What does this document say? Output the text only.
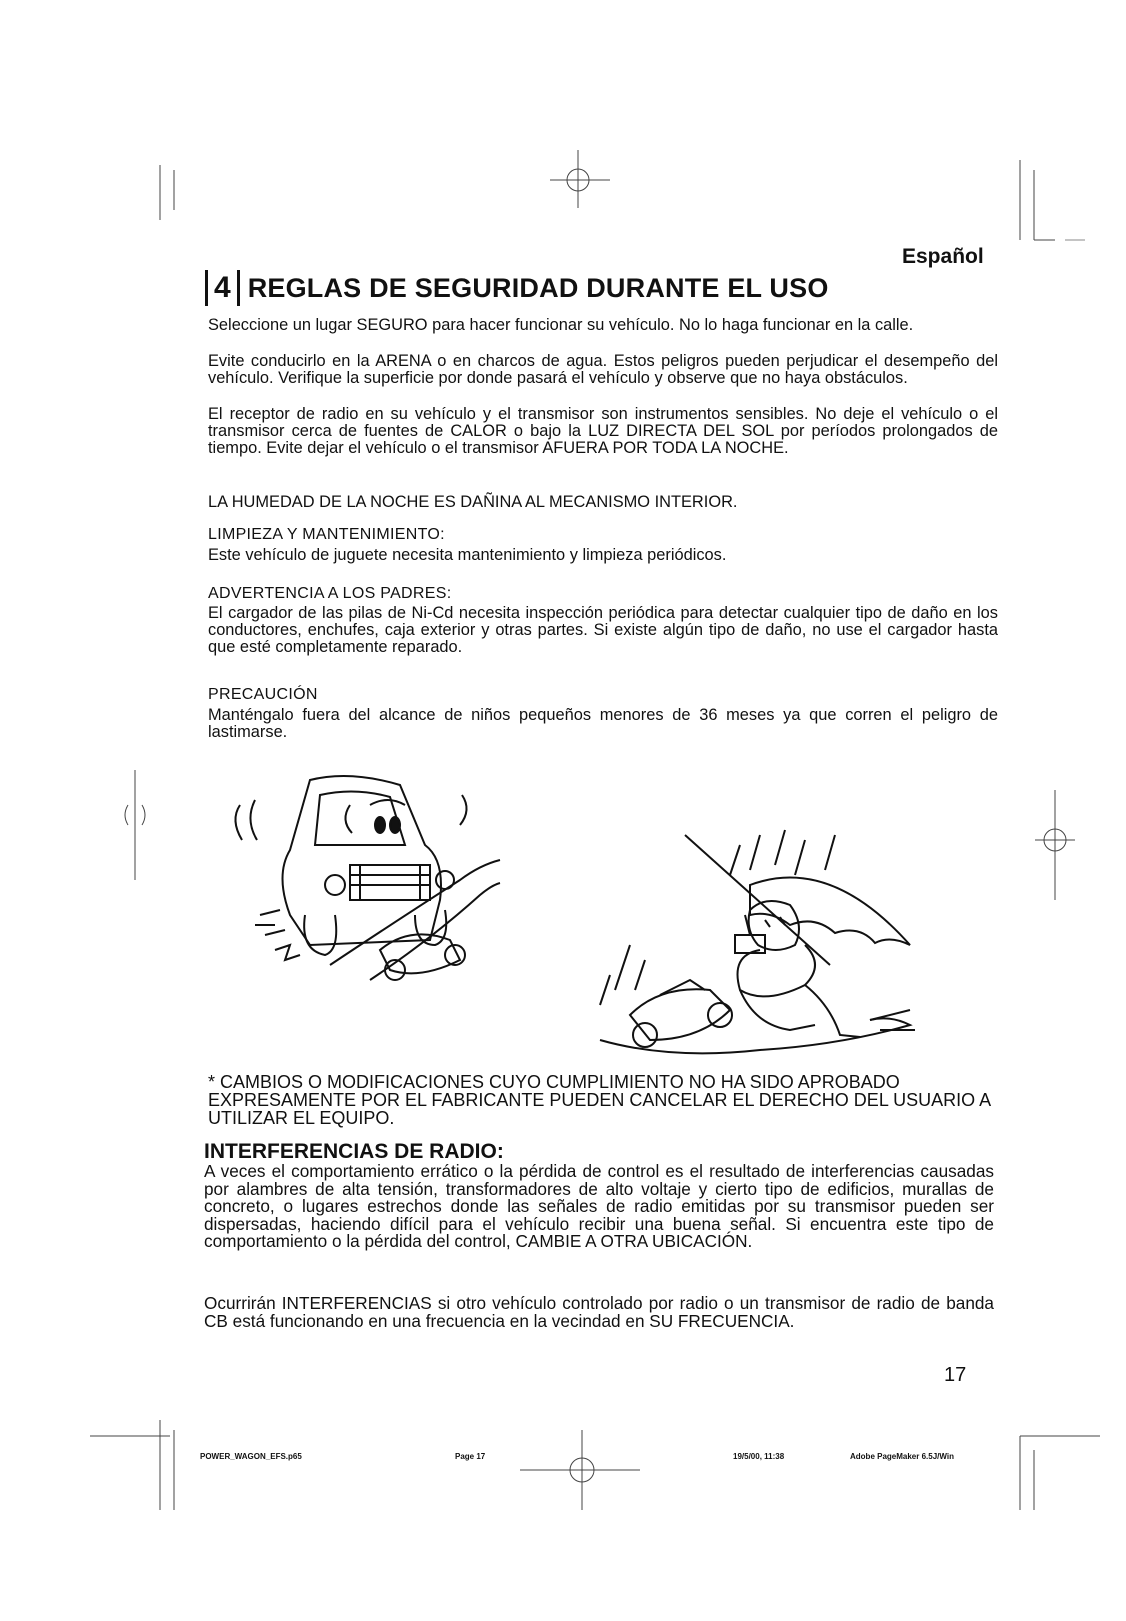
Español
4 REGLAS DE SEGURIDAD DURANTE EL USO
Seleccione un lugar SEGURO para hacer funcionar su vehículo. No lo haga funcionar en la calle.
Evite conducirlo en la ARENA o en charcos de agua. Estos peligros pueden perjudicar el desempeño del vehículo. Verifique la superficie por donde pasará el vehículo y observe que no haya obstáculos.
El receptor de radio en su vehículo y el transmisor son instrumentos sensibles. No deje el vehículo o el transmisor cerca de fuentes de CALOR o bajo la LUZ DIRECTA DEL SOL por períodos prolongados de tiempo. Evite dejar el vehículo o el transmisor AFUERA POR TODA LA NOCHE.
LA HUMEDAD DE LA NOCHE ES DAÑINA AL MECANISMO INTERIOR.
LIMPIEZA Y MANTENIMIENTO:
Este vehículo de juguete necesita mantenimiento y limpieza periódicos.
ADVERTENCIA A LOS PADRES:
El cargador de las pilas de Ni-Cd necesita inspección periódica para detectar cualquier tipo de daño en los conductores, enchufes, caja exterior y otras partes. Si existe algún tipo de daño, no use el cargador hasta que esté completamente reparado.
PRECAUCIÓN
Manténgalo fuera del alcance de niños pequeños menores de 36 meses ya que corren el peligro de lastimarse.
* CAMBIOS O MODIFICACIONES CUYO CUMPLIMIENTO NO HA SIDO APROBADO EXPRESAMENTE POR EL FABRICANTE PUEDEN CANCELAR EL DERECHO DEL USUARIO A UTILIZAR EL EQUIPO.
INTERFERENCIAS DE RADIO:
A veces el comportamiento errático o la pérdida de control es el resultado de interferencias causadas por alambres de alta tensión, transformadores de alto voltaje y cierto tipo de edificios, murallas de concreto, o lugares estrechos donde las señales de radio emitidas por su transmisor pueden ser dispersadas, haciendo difícil para el vehículo recibir una buena señal. Si encuentra este tipo de comportamiento o la pérdida del control, CAMBIE A OTRA UBICACIÓN.
Ocurrirán INTERFERENCIAS si otro vehículo controlado por radio o un transmisor de radio de banda CB está funcionando en una frecuencia en la vecindad en SU FRECUENCIA.
17
POWER_WAGON_EFS.p65	Page 17	19/5/00, 11:38	Adobe PageMaker 6.5J/Win
